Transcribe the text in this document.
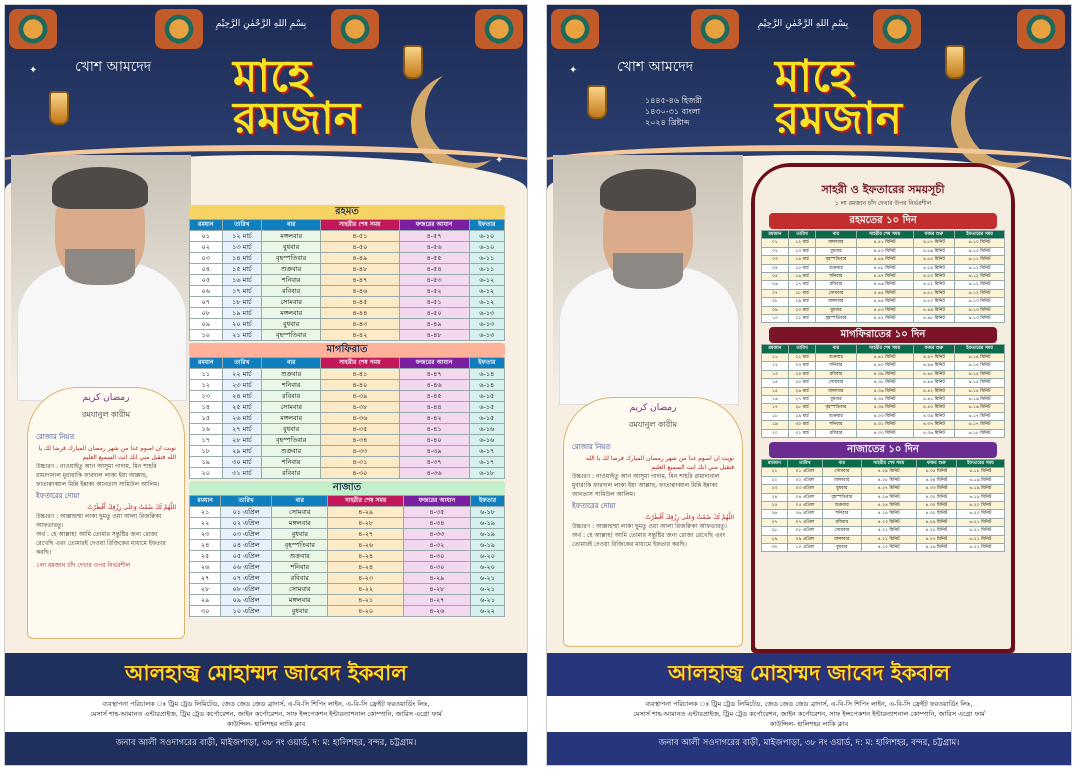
بِسْمِ اللهِ الرَّحْمٰنِ الرَّحِيْمِ
✦
✦
খোশ আমদেদ	মাহে
রমজান
رمضان كريم
রমযানুল কারীম
রোজার নিয়ত
نويت ان اصوم غدا من شهر رمضان المبارك فرضا لك يا الله فتقبل مني انك انت السميع العليم
উচ্চারণ : নাওয়াইতু আন আসুমা গাদাম, মিন শাহরি রামাদানাল মুবারাকি ফারদাল লাকা ইয়া আল্লাহু, ফাতাক্বাব্বাল মিন্নি ইন্নাকা আনতাস সামিউল আলিম।
ইফতারের দোয়া
اللَّهُمَّ لَكَ صُمْتُ وَعَلَى رِزْقِكَ أَفْطَرْتُ
উচ্চারণ : আল্লাহুম্মা লাকা ছুমতু ওয়া আলা রিজক্বিকা আফতারতু।
অর্থ : হে আল্লাহ! আমি তোমার সন্তুষ্টির জন্য রোজা রেখেছি এবং তোমারই দেওয়া রিজিকের মাধ্যমে ইফতার করছি।
১লা রমজান চাঁদ দেখার ওপর নির্ভরশীল
রহমত
রমযান	তারিখ	বার	সাহরীর শেষ সময়	ফজরের আযান	ইফতার
০১	১২ মার্চ	মঙ্গলবার	৪-৫১	৪-৫৭	৬-১০
০২	১৩ মার্চ	বুধবার	৪-৫০	৪-৫৬	৬-১০
০৩	১৪ মার্চ	বৃহস্পতিবার	৪-৪৯	৪-৫৫	৬-১১
০৪	১৫ মার্চ	শুক্রবার	৪-৪৮	৪-৫৪	৬-১১
০৫	১৬ মার্চ	শনিবার	৪-৪৭	৪-৫৩	৬-১২
০৬	১৭ মার্চ	রবিবার	৪-৪৬	৪-৫২	৬-১২
০৭	১৮ মার্চ	সোমবার	৪-৪৫	৪-৫১	৬-১২
০৮	১৯ মার্চ	মঙ্গলবার	৪-৪৪	৪-৫০	৬-১৩
০৯	২০ মার্চ	বুধবার	৪-৪৩	৪-৪৯	৬-১৩
১০	২১ মার্চ	বৃহস্পতিবার	৪-৪২	৪-৪৮	৬-১৩
মাগফিরাত
রমযান	তারিখ	বার	সাহরীর শেষ সময়	ফজরের আযান	ইফতার
১১	২২ মার্চ	শুক্রবার	৪-৪১	৪-৪৭	৬-১৪
১২	২৩ মার্চ	শনিবার	৪-৪০	৪-৪৬	৬-১৪
১৩	২৪ মার্চ	রবিবার	৪-৩৯	৪-৪৫	৬-১৫
১৪	২৫ মার্চ	সোমবার	৪-৩৮	৪-৪৪	৬-১৫
১৫	২৬ মার্চ	মঙ্গলবার	৪-৩৬	৪-৪২	৬-১৫
১৬	২৭ মার্চ	বুধবার	৪-৩৫	৪-৪১	৬-১৬
১৭	২৮ মার্চ	বৃহস্পতিবার	৪-৩৪	৪-৪০	৬-১৬
১৮	২৯ মার্চ	শুক্রবার	৪-৩৩	৪-৩৯	৬-১৭
১৯	৩০ মার্চ	শনিবার	৪-৩১	৪-৩৭	৬-১৭
২০	৩১ মার্চ	রবিবার	৪-৩০	৪-৩৬	৬-১৮
নাজাত
রমযান	তারিখ	বার	সাহরীর শেষ সময়	ফজরের আযান	ইফতার
২১	০১ এপ্রিল	সোমবার	৪-২৯	৪-৩৫	৬-১৮
২২	০২ এপ্রিল	মঙ্গলবার	৪-২৮	৪-৩৪	৬-১৯
২৩	০৩ এপ্রিল	বুধবার	৪-২৭	৪-৩৩	৬-১৯
২৪	০৪ এপ্রিল	বৃহস্পতিবার	৪-২৬	৪-৩২	৬-১৯
২৫	০৫ এপ্রিল	শুক্রবার	৪-২৪	৪-৩০	৬-২০
২৬	০৬ এপ্রিল	শনিবার	৪-২৪	৪-৩০	৬-২০
২৭	০৭ এপ্রিল	রবিবার	৪-২৩	৪-২৯	৬-২১
২৮	০৮ এপ্রিল	সোমবার	৪-২২	৪-২৮	৬-২১
২৯	০৯ এপ্রিল	মঙ্গলবার	৪-২১	৪-২৭	৬-২১
৩০	১০ এপ্রিল	বুধবার	৪-২০	৪-২৬	৬-২২
আলহাজ্ব মোহাম্মদ জাবেদ ইকবাল
ব্যবস্থাপনা পরিচালক ঃ ট্রিম ট্রেড লিমিটেড, জেড জেড জেড ব্রাদার্স, এ-বি-সি শিপিং লাইন, এ-বি-সি ফ্রেইট ফরওয়ার্ডিং লিঃ,
মেসার্স শাহ-আমানত এন্টারপ্রাইজ, ট্রিম ট্রেড কর্পোরেশন, জাইন কর্পোরেশন, সাফ ইন্সপেকশন ইন্টারন্যাশনাল কোম্পানি, জারিস এগ্রো ফার্ম
কাউন্সিল- হালিশহর লাকি ক্লাব
জনাব আলী সওদাগরের বাড়ী, মাইজপাড়া, ৩৮ নং ওয়ার্ড, দ: ম: হালিশহর, বন্দর, চট্টগ্রাম।
بِسْمِ اللهِ الرَّحْمٰنِ الرَّحِيْمِ
✦	খোশ আমদেদ
১৪৪৫-৪৬ হিজরী
১৪৩০-৩১ বাংলা
২০২৪ খ্রিষ্টাব্দ
মাহে
রমজান
رمضان كريم
রমযানুল কারীম
রোজার নিয়ত
نويت ان اصوم غدا من شهر رمضان المبارك فرضا لك يا الله فتقبل مني انك انت السميع العليم
উচ্চারণ : নাওয়াইতু আন আসুমা গাদাম, মিন শাহরি রামাদানাল মুবারাকি ফারদাল লাকা ইয়া আল্লাহু, ফাতাক্বাব্বাল মিন্নি ইন্নাকা আনতাস সামিউল আলিম।
ইফতারের দোয়া
اللَّهُمَّ لَكَ صُمْتُ وَعَلَى رِزْقِكَ أَفْطَرْتُ
উচ্চারণ : আল্লাহুম্মা লাকা ছুমতু ওয়া আলা রিজক্বিকা আফতারতু।
অর্থ : হে আল্লাহ! আমি তোমার সন্তুষ্টির জন্য রোজা রেখেছি এবং তোমারই দেওয়া রিজিকের মাধ্যমে ইফতার করছি।
সাহরী ও ইফতারের সময়সূচী
১ লা রমজান চাঁদ দেখার উপর নির্ভরশীল
রহমতের ১০ দিন
রমজান	তারিখ	বার	সাহরীর শেষ সময়	ফজর শুরু	ইফতারের সময়
০১	১২ মার্চ	মঙ্গলবার	৪.৫১ মিনিট	৪.৫৭ মিনিট	৬.১০ মিনিট
০২	১৩ মার্চ	বুধবার	৪.৫০ মিনিট	৪.৫৬ মিনিট	৬.১০ মিনিট
০৩	১৪ মার্চ	বৃহস্পতিবার	৪.৪৯ মিনিট	৪.৫৫ মিনিট	৬.১১ মিনিট
০৪	১৫ মার্চ	শুক্রবার	৪.৪৮ মিনিট	৪.৫৪ মিনিট	৬.১১ মিনিট
০৫	১৬ মার্চ	শনিবার	৪.৪৭ মিনিট	৪.৫৩ মিনিট	৬.১২ মিনিট
০৬	১৭ মার্চ	রবিবার	৪.৪৬ মিনিট	৪.৫২ মিনিট	৬.১২ মিনিট
০৭	১৮ মার্চ	সোমবার	৪.৪৫ মিনিট	৪.৫১ মিনিট	৬.১২ মিনিট
০৮	১৯ মার্চ	মঙ্গলবার	৪.৪৪ মিনিট	৪.৫০ মিনিট	৬.১৩ মিনিট
০৯	২০ মার্চ	বুধবার	৪.৪৩ মিনিট	৪.৪৯ মিনিট	৬.১৩ মিনিট
১০	২১ মার্চ	বৃহস্পতিবার	৪.৪২ মিনিট	৪.৪৮ মিনিট	৬.১৩ মিনিট
মাগফিরাতের ১০ দিন
রমজান	তারিখ	বার	সাহরীর শেষ সময়	ফজর শুরু	ইফতারের সময়
১১	২২ মার্চ	শুক্রবার	৪.৪১ মিনিট	৪.৪৭ মিনিট	৬.১৪ মিনিট
১২	২৩ মার্চ	শনিবার	৪.৪০ মিনিট	৪.৪৬ মিনিট	৬.১৪ মিনিট
১৩	২৪ মার্চ	রবিবার	৪.৩৯ মিনিট	৪.৪৫ মিনিট	৬.১৫ মিনিট
১৪	২৫ মার্চ	সোমবার	৪.৩৮ মিনিট	৪.৪৪ মিনিট	৬.১৫ মিনিট
১৫	২৬ মার্চ	মঙ্গলবার	৪.৩৬ মিনিট	৪.৪২ মিনিট	৬.১৫ মিনিট
১৬	২৭ মার্চ	বুধবার	৪.৩৫ মিনিট	৪.৪১ মিনিট	৬.১৬ মিনিট
১৭	২৮ মার্চ	বৃহস্পতিবার	৪.৩৪ মিনিট	৪.৪০ মিনিট	৬.১৬ মিনিট
১৮	২৯ মার্চ	শুক্রবার	৪.৩৩ মিনিট	৪.৩৯ মিনিট	৬.১৭ মিনিট
১৯	৩০ মার্চ	শনিবার	৪.৩১ মিনিট	৪.৩৭ মিনিট	৬.১৭ মিনিট
২০	৩১ মার্চ	রবিবার	৪.৩০ মিনিট	৪.৩৬ মিনিট	৬.১৮ মিনিট
নাজাতের ১০ দিন
রমজান	তারিখ	বার	সাহরীর শেষ সময়	ফজর শুরু	ইফতারের সময়
২১	০১ এপ্রিল	সোমবার	৪.২৯ মিনিট	৪.৩৫ মিনিট	৬.১৮ মিনিট
২২	০২ এপ্রিল	মঙ্গলবার	৪.২৮ মিনিট	৪.৩৪ মিনিট	৬.১৯ মিনিট
২৩	০৩ এপ্রিল	বুধবার	৪.২৭ মিনিট	৪.৩৩ মিনিট	৬.১৯ মিনিট
২৪	০৪ এপ্রিল	বৃহস্পতিবার	৪.২৬ মিনিট	৪.৩২ মিনিট	৬.১৯ মিনিট
২৫	০৫ এপ্রিল	শুক্রবার	৪.২৪ মিনিট	৪.৩০ মিনিট	৬.২০ মিনিট
২৬	০৬ এপ্রিল	শনিবার	৪.২৪ মিনিট	৪.৩০ মিনিট	৬.২০ মিনিট
২৭	০৭ এপ্রিল	রবিবার	৪.২৩ মিনিট	৪.২৯ মিনিট	৬.২১ মিনিট
২৮	০৮ এপ্রিল	সোমবার	৪.২২ মিনিট	৪.২৮ মিনিট	৬.২১ মিনিট
২৯	০৯ এপ্রিল	মঙ্গলবার	৪.২১ মিনিট	৪.২৭ মিনিট	৬.২১ মিনিট
৩০	১০ এপ্রিল	বুধবার	৪.২০ মিনিট	৪.২৬ মিনিট	৬.২২ মিনিট
আলহাজ্ব মোহাম্মদ জাবেদ ইকবাল
ব্যবস্থাপনা পরিচালক ঃ ট্রিম ট্রেড লিমিটেড, জেড জেড জেড ব্রাদার্স, এ-বি-সি শিপিং লাইন, এ-বি-সি ফ্রেইট ফরওয়ার্ডিং লিঃ,
মেসার্স শাহ-আমানত এন্টারপ্রাইজ, ট্রিম ট্রেড কর্পোরেশন, জাইন কর্পোরেশন, সাফ ইন্সপেকশন ইন্টারন্যাশনাল কোম্পানি, জারিস এগ্রো ফার্ম
কাউন্সিল- হালিশহর লাকি ক্লাব
জনাব আলী সওদাগরের বাড়ী, মাইজপাড়া, ৩৮ নং ওয়ার্ড, দ: ম: হালিশহর, বন্দর, চট্টগ্রাম।
